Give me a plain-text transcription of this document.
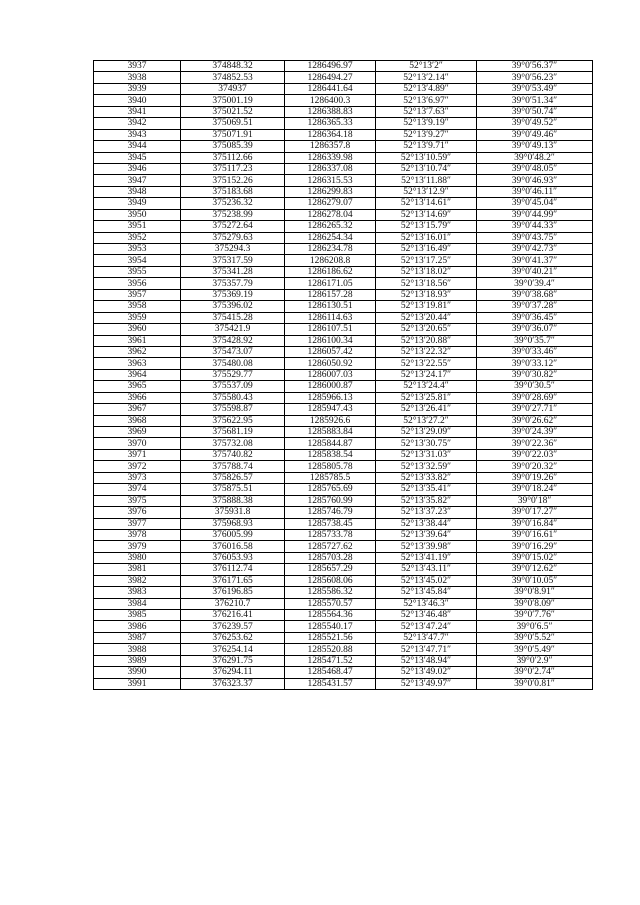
3937	374848.32	1286496.97	52°13′2″	39°0′56.37″
3938	374852.53	1286494.27	52°13′2.14″	39°0′56.23″
3939	374937	1286441.64	52°13′4.89″	39°0′53.49″
3940	375001.19	1286400.3	52°13′6.97″	39°0′51.34″
3941	375021.52	1286388.83	52°13′7.63″	39°0′50.74″
3942	375069.51	1286365.33	52°13′9.19″	39°0′49.52″
3943	375071.91	1286364.18	52°13′9.27″	39°0′49.46″
3944	375085.39	1286357.8	52°13′9.71″	39°0′49.13″
3945	375112.66	1286339.98	52°13′10.59″	39°0′48.2″
3946	375117.23	1286337.08	52°13′10.74″	39°0′48.05″
3947	375152.26	1286315.53	52°13′11.88″	39°0′46.93″
3948	375183.68	1286299.83	52°13′12.9″	39°0′46.11″
3949	375236.32	1286279.07	52°13′14.61″	39°0′45.04″
3950	375238.99	1286278.04	52°13′14.69″	39°0′44.99″
3951	375272.64	1286265.32	52°13′15.79″	39°0′44.33″
3952	375279.63	1286254.34	52°13′16.01″	39°0′43.75″
3953	375294.3	1286234.78	52°13′16.49″	39°0′42.73″
3954	375317.59	1286208.8	52°13′17.25″	39°0′41.37″
3955	375341.28	1286186.62	52°13′18.02″	39°0′40.21″
3956	375357.79	1286171.05	52°13′18.56″	39°0′39.4″
3957	375369.19	1286157.28	52°13′18.93″	39°0′38.68″
3958	375396.02	1286130.51	52°13′19.81″	39°0′37.28″
3959	375415.28	1286114.63	52°13′20.44″	39°0′36.45″
3960	375421.9	1286107.51	52°13′20.65″	39°0′36.07″
3961	375428.92	1286100.34	52°13′20.88″	39°0′35.7″
3962	375473.07	1286057.42	52°13′22.32″	39°0′33.46″
3963	375480.08	1286050.92	52°13′22.55″	39°0′33.12″
3964	375529.77	1286007.03	52°13′24.17″	39°0′30.82″
3965	375537.09	1286000.87	52°13′24.4″	39°0′30.5″
3966	375580.43	1285966.13	52°13′25.81″	39°0′28.69″
3967	375598.87	1285947.43	52°13′26.41″	39°0′27.71″
3968	375622.95	1285926.6	52°13′27.2″	39°0′26.62″
3969	375681.19	1285883.84	52°13′29.09″	39°0′24.39″
3970	375732.08	1285844.87	52°13′30.75″	39°0′22.36″
3971	375740.82	1285838.54	52°13′31.03″	39°0′22.03″
3972	375788.74	1285805.78	52°13′32.59″	39°0′20.32″
3973	375826.57	1285785.5	52°13′33.82″	39°0′19.26″
3974	375875.51	1285765.69	52°13′35.41″	39°0′18.24″
3975	375888.38	1285760.99	52°13′35.82″	39°0′18″
3976	375931.8	1285746.79	52°13′37.23″	39°0′17.27″
3977	375968.93	1285738.45	52°13′38.44″	39°0′16.84″
3978	376005.99	1285733.78	52°13′39.64″	39°0′16.61″
3979	376016.58	1285727.62	52°13′39.98″	39°0′16.29″
3980	376053.93	1285703.28	52°13′41.19″	39°0′15.02″
3981	376112.74	1285657.29	52°13′43.11″	39°0′12.62″
3982	376171.65	1285608.06	52°13′45.02″	39°0′10.05″
3983	376196.85	1285586.32	52°13′45.84″	39°0′8.91″
3984	376210.7	1285570.57	52°13′46.3″	39°0′8.09″
3985	376216.41	1285564.36	52°13′46.48″	39°0′7.76″
3986	376239.57	1285540.17	52°13′47.24″	39°0′6.5″
3987	376253.62	1285521.56	52°13′47.7″	39°0′5.52″
3988	376254.14	1285520.88	52°13′47.71″	39°0′5.49″
3989	376291.75	1285471.52	52°13′48.94″	39°0′2.9″
3990	376294.11	1285468.47	52°13′49.02″	39°0′2.74″
3991	376323.37	1285431.57	52°13′49.97″	39°0′0.81″
